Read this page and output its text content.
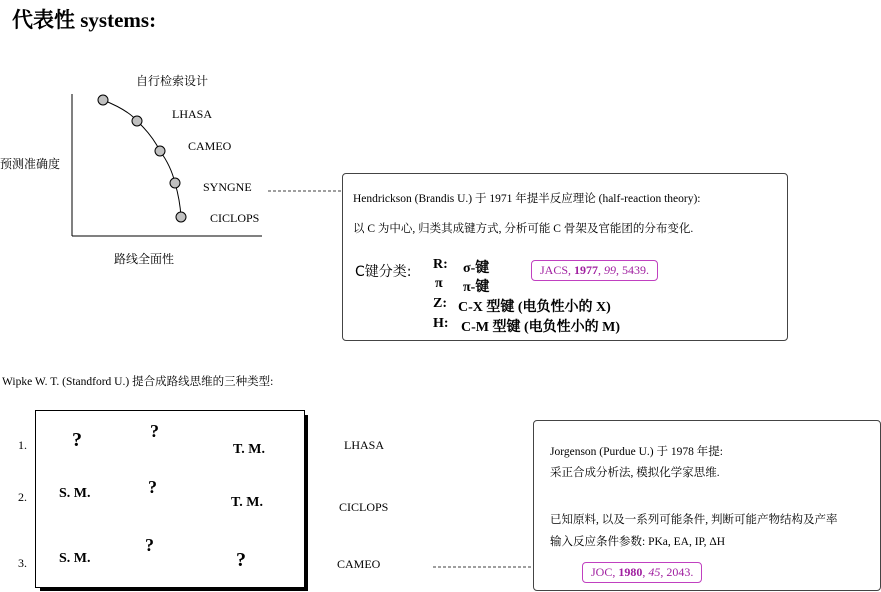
代表性 systems:
自行检索设计
预测准确度
路线全面性
LHASA
CAMEO
SYNGNE
CICLOPS
Hendrickson (Brandis U.) 于 1971 年提半反应理论 (half-reaction theory):
以 C 为中心, 归类其成键方式, 分析可能 C 骨架及官能团的分布变化.
C键分类: R: σ-键
π π-键
Z: C-X 型键 (电负性小的 X)
H: C-M 型键 (电负性小的 M)
JACS, 1977, 99, 5439.
Wipke W. T. (Standford U.) 提合成路线思维的三种类型:
1.
2.
3.
?	?
T. M.
S. M.	?
T. M.
S. M.
?
?
LHASA
CICLOPS
CAMEO
Jorgenson (Purdue U.) 于 1978 年提:
采正合成分析法, 模拟化学家思维.
已知原料, 以及一系列可能条件, 判断可能产物结构及产率
输入反应条件参数: PKa, EA, IP, ΔH
JOC, 1980, 45, 2043.
